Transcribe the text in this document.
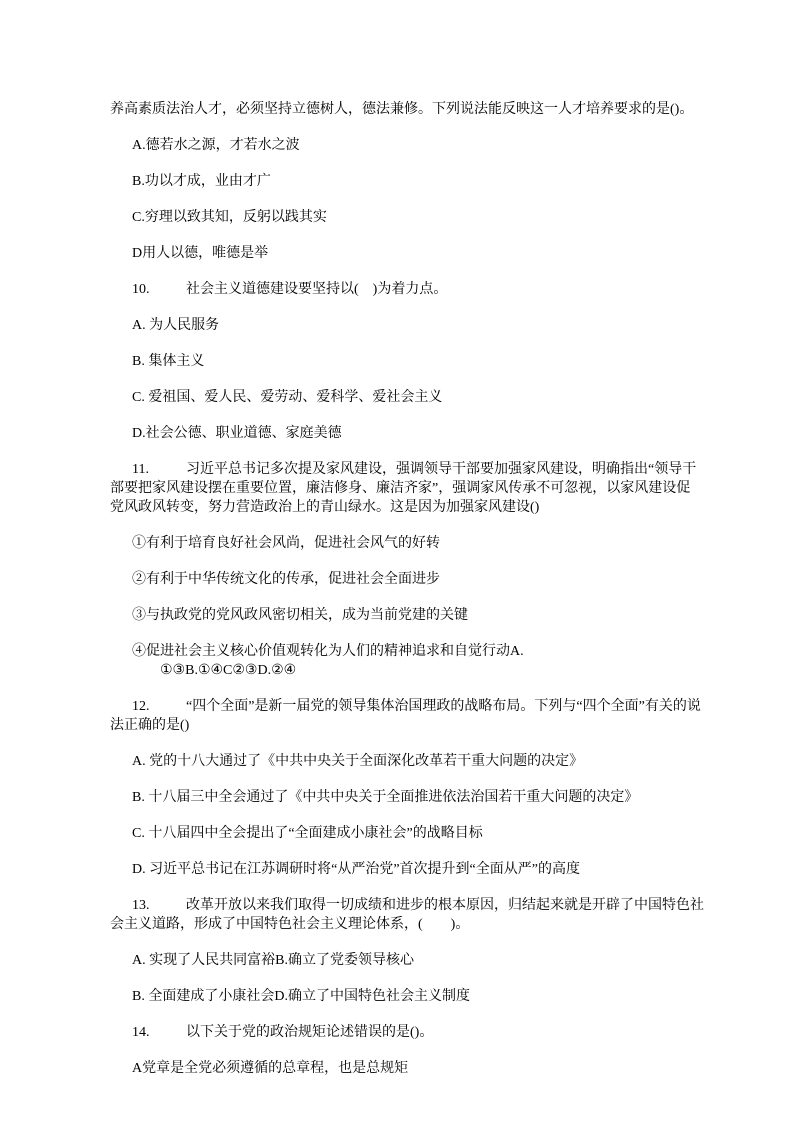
养高素质法治人才，必须坚持立德树人，德法兼修。下列说法能反映这一人才培养要求的是()。

A.德若水之源，才若水之波

B.功以才成，业由才广

C.穷理以致其知，反躬以践其实

D用人以德，唯德是举

10.	社会主义道德建设要坚持以(　)为着力点。

A. 为人民服务

B. 集体主义

C. 爱祖国、爱人民、爱劳动、爱科学、爱社会主义

D.社会公德、职业道德、家庭美德

11.	习近平总书记多次提及家风建设，强调领导干部要加强家风建设，明确指出“领导干部要把家风建设摆在重要位置，廉洁修身、廉洁齐家”，强调家风传承不可忽视，以家风建设促党风政风转变，努力营造政治上的青山绿水。这是因为加强家风建设()

①有利于培育良好社会风尚，促进社会风气的好转

②有利于中华传统文化的传承，促进社会全面进步

③与执政党的党风政风密切相关，成为当前党建的关键

④促进社会主义核心价值观转化为人们的精神追求和自觉行动A.

①③B.①④C②③D.②④

12.	“四个全面”是新一届党的领导集体治国理政的战略布局。下列与“四个全面”有关的说法正确的是()

A. 党的十八大通过了《中共中央关于全面深化改革若干重大问题的决定》

B. 十八届三中全会通过了《中共中央关于全面推进依法治国若干重大问题的决定》

C. 十八届四中全会提出了“全面建成小康社会”的战略目标

D. 习近平总书记在江苏调研时将“从严治党”首次提升到“全面从严”的高度

13.	改革开放以来我们取得一切成绩和进步的根本原因，归结起来就是开辟了中国特色社会主义道路，形成了中国特色社会主义理论体系，(　　)。

A. 实现了人民共同富裕B.确立了党委领导核心

B. 全面建成了小康社会D.确立了中国特色社会主义制度

14.	以下关于党的政治规矩论述错误的是()。

A党章是全党必须遵循的总章程，也是总规矩
